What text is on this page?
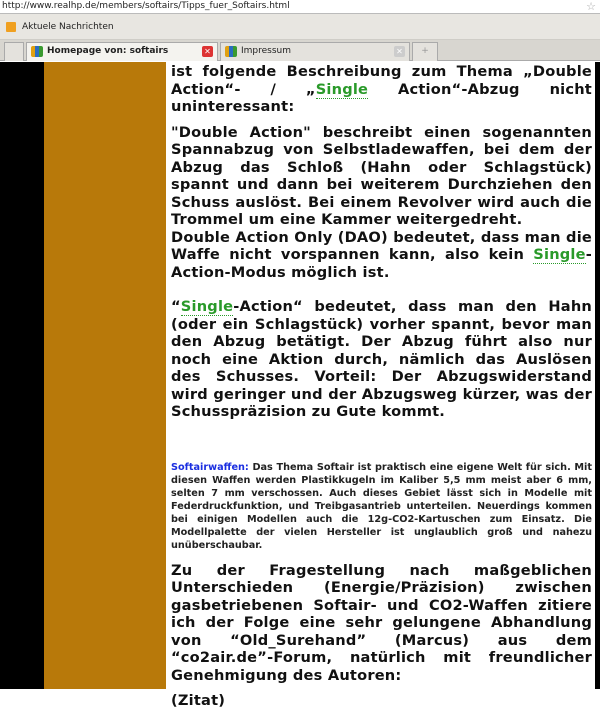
http://www.realhp.de/members/softairs/Tipps_fuer_Softairs.html	☆
Aktuele Nachrichten
Homepage von: softairs	✕	Impressum	✕	+

ist folgende Beschreibung zum Thema „Double Action“- / „Single Action“-Abzug nicht uninteressant:

"Double Action" beschreibt einen sogenannten Spannabzug von Selbstladewaffen, bei dem der Abzug das Schloß (Hahn oder Schlagstück) spannt und dann bei weiterem Durchziehen den Schuss auslöst. Bei einem Revolver wird auch die Trommel um eine Kammer weitergedreht.

Double Action Only (DAO) bedeutet, dass man die Waffe nicht vorspannen kann, also kein Single-Action-Modus möglich ist.

“Single-Action“ bedeutet, dass man den Hahn (oder ein Schlagstück) vorher spannt, bevor man den Abzug betätigt. Der Abzug führt also nur noch eine Aktion durch, nämlich das Auslösen des Schusses. Vorteil: Der Abzugswiderstand wird geringer und der Abzugsweg kürzer, was der Schusspräzision zu Gute kommt.

Softairwaffen: Das Thema Softair ist praktisch eine eigene Welt für sich. Mit diesen Waffen werden Plastikkugeln im Kaliber 5,5 mm meist aber 6 mm, selten 7 mm verschossen. Auch dieses Gebiet lässt sich in Modelle mit Federdruckfunktion, und Treibgasantrieb unterteilen. Neuerdings kommen bei einigen Modellen auch die 12g-CO2-Kartuschen zum Einsatz. Die Modellpalette der vielen Hersteller ist unglaublich groß und nahezu unüberschaubar.

Zu der Fragestellung nach maßgeblichen Unterschieden (Energie/Präzision) zwischen gasbetriebenen Softair- und CO2-Waffen zitiere ich der Folge eine sehr gelungene Abhandlung von “Old_Surehand” (Marcus) aus dem “co2air.de”-Forum, natürlich mit freundlicher Genehmigung des Autoren:

(Zitat)
